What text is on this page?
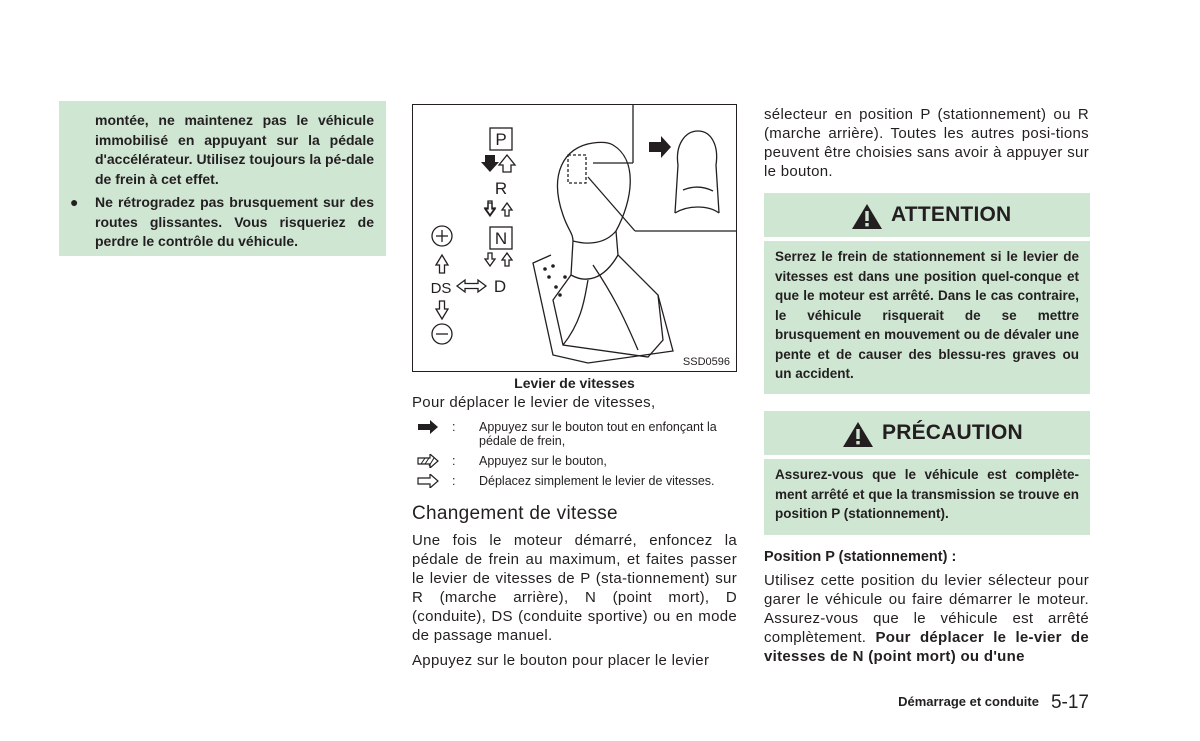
montée, ne maintenez pas le véhicule immobilisé en appuyant sur la pédale d'accélérateur. Utilisez toujours la pé-dale de frein à cet effet.

● Ne rétrogradez pas brusquement sur des routes glissantes. Vous risqueriez de perdre le contrôle du véhicule.

P
R
N
D
DS
SSD0596
Levier de vitesses

Pour déplacer le levier de vitesses,

: Appuyez sur le bouton tout en enfonçant la pédale de frein,
: Appuyez sur le bouton,
: Déplacez simplement le levier de vitesses.
Changement de vitesse

Une fois le moteur démarré, enfoncez la pédale de frein au maximum, et faites passer le levier de vitesses de P (sta-tionnement) sur R (marche arrière), N (point mort), D (conduite), DS (conduite sportive) ou en mode de passage manuel.

Appuyez sur le bouton pour placer le levier

sélecteur en position P (stationnement) ou R (marche arrière). Toutes les autres posi-tions peuvent être choisies sans avoir à appuyer sur le bouton.

ATTENTION

Serrez le frein de stationnement si le levier de vitesses est dans une position quel-conque et que le moteur est arrêté. Dans le cas contraire, le véhicule risquerait de se mettre brusquement en mouvement ou de dévaler une pente et de causer des blessu-res graves ou un accident.

PRÉCAUTION

Assurez-vous que le véhicule est complète-ment arrêté et que la transmission se trouve en position P (stationnement).

Position P (stationnement) :

Utilisez cette position du levier sélecteur pour garer le véhicule ou faire démarrer le moteur. Assurez-vous que le véhicule est arrêté complètement. Pour déplacer le le-vier de vitesses de N (point mort) ou d'une

Démarrage et conduite 5-17
